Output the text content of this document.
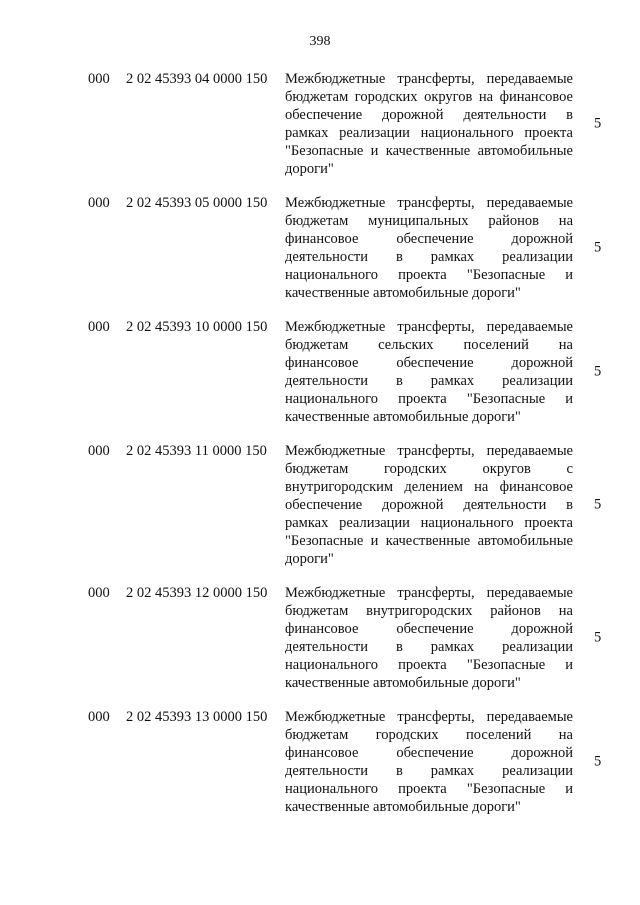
398
000 2 02 45393 04 0000 150 Межбюджетные трансферты, передаваемые
бюджетам городских округов на финансовое
обеспечение дорожной деятельности в
рамках реализации национального проекта
"Безопасные и качественные автомобильные
дороги"
5
000 2 02 45393 05 0000 150 Межбюджетные трансферты, передаваемые
бюджетам муниципальных районов на
финансовое обеспечение дорожной
деятельности в рамках реализации
национального проекта "Безопасные и
качественные автомобильные дороги"
5
000 2 02 45393 10 0000 150 Межбюджетные трансферты, передаваемые
бюджетам сельских поселений на
финансовое обеспечение дорожной
деятельности в рамках реализации
национального проекта "Безопасные и
качественные автомобильные дороги"
5
000 2 02 45393 11 0000 150 Межбюджетные трансферты, передаваемые
бюджетам городских округов с
внутригородским делением на финансовое
обеспечение дорожной деятельности в
рамках реализации национального проекта
"Безопасные и качественные автомобильные
дороги"
5
000 2 02 45393 12 0000 150 Межбюджетные трансферты, передаваемые
бюджетам внутригородских районов на
финансовое обеспечение дорожной
деятельности в рамках реализации
национального проекта "Безопасные и
качественные автомобильные дороги"
5
000 2 02 45393 13 0000 150 Межбюджетные трансферты, передаваемые
бюджетам городских поселений на
финансовое обеспечение дорожной
деятельности в рамках реализации
национального проекта "Безопасные и
качественные автомобильные дороги"
5
